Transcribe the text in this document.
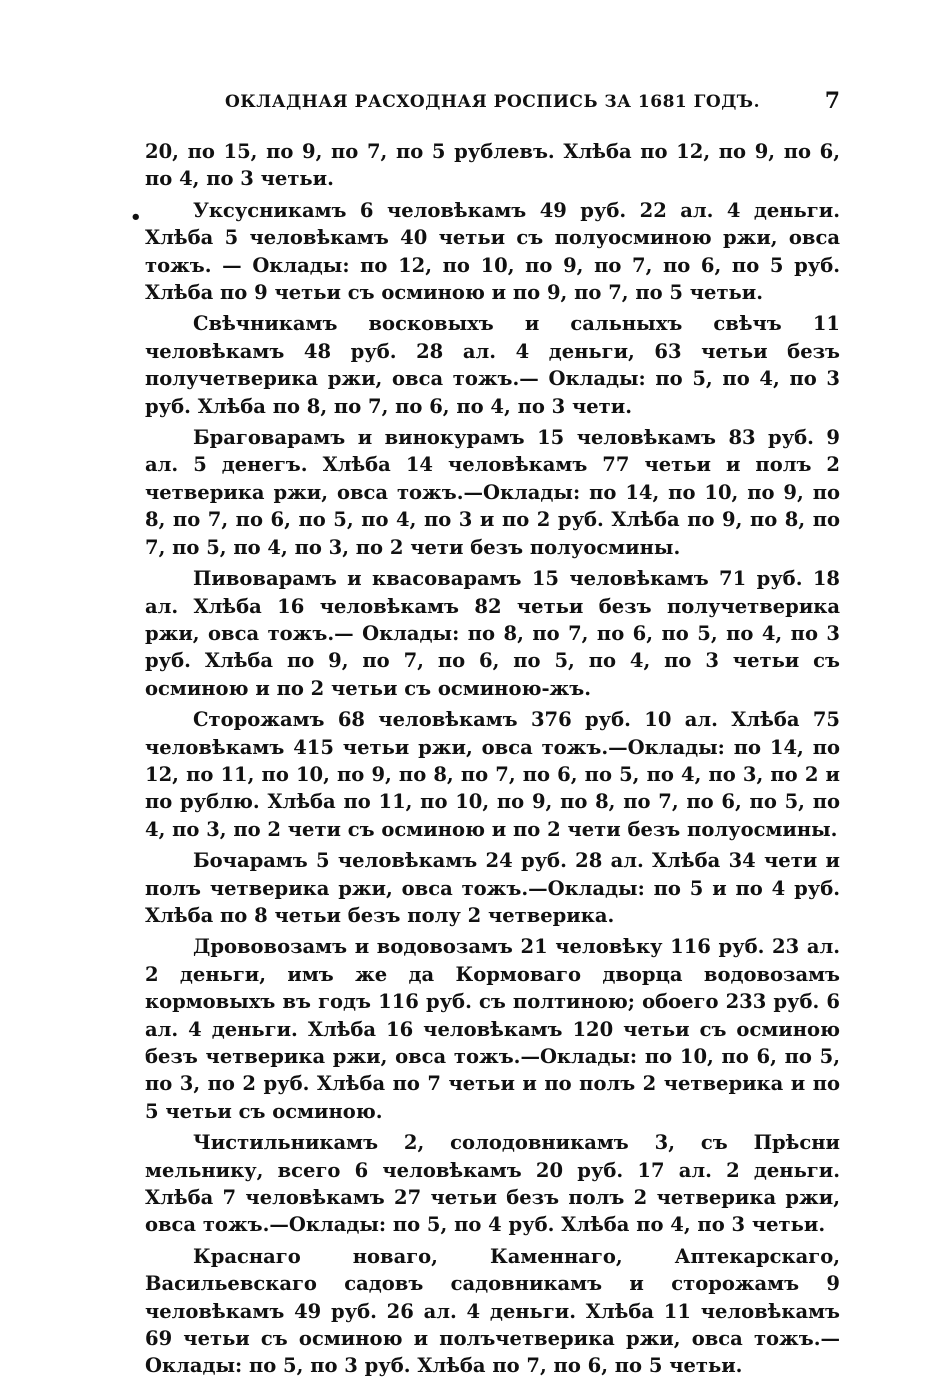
ОКЛАДНАЯ РАСХОДНАЯ РОСПИСЬ ЗА 1681 ГОДЪ.	7
•

20, по 15, по 9, по 7, по 5 рублевъ. Хлѣба по 12, по 9, по 6, по 4, по 3 четьи.

Уксусникамъ 6 человѣкамъ 49 руб. 22 ал. 4 деньги. Хлѣба 5 человѣкамъ 40 четьи съ полуосминою ржи, овса тожъ. — Оклады: по 12, по 10, по 9, по 7, по 6, по 5 руб. Хлѣба по 9 четьи съ осминою и по 9, по 7, по 5 четьи.

Свѣчникамъ восковыхъ и сальныхъ свѣчъ 11 человѣкамъ 48 руб. 28 ал. 4 деньги, 63 четьи безъ получетверика ржи, овса тожъ.— Оклады: по 5, по 4, по 3 руб. Хлѣба по 8, по 7, по 6, по 4, по 3 чети.

Браговарамъ и винокурамъ 15 человѣкамъ 83 руб. 9 ал. 5 денегъ. Хлѣба 14 человѣкамъ 77 четьи и полъ 2 четверика ржи, овса тожъ.—Оклады: по 14, по 10, по 9, по 8, по 7, по 6, по 5, по 4, по 3 и по 2 руб. Хлѣба по 9, по 8, по 7, по 5, по 4, по 3, по 2 чети безъ полуосмины.

Пивоварамъ и квасоварамъ 15 человѣкамъ 71 руб. 18 ал. Хлѣба 16 человѣкамъ 82 четьи безъ получетверика ржи, овса тожъ.— Оклады: по 8, по 7, по 6, по 5, по 4, по 3 руб. Хлѣба по 9, по 7, по 6, по 5, по 4, по 3 четьи съ осминою и по 2 четьи съ осминою-жъ.

Сторожамъ 68 человѣкамъ 376 руб. 10 ал. Хлѣба 75 человѣкамъ 415 четьи ржи, овса тожъ.—Оклады: по 14, по 12, по 11, по 10, по 9, по 8, по 7, по 6, по 5, по 4, по 3, по 2 и по рублю. Хлѣба по 11, по 10, по 9, по 8, по 7, по 6, по 5, по 4, по 3, по 2 чети съ осминою и по 2 чети безъ полуосмины.

Бочарамъ 5 человѣкамъ 24 руб. 28 ал. Хлѣба 34 чети и полъ четверика ржи, овса тожъ.—Оклады: по 5 и по 4 руб. Хлѣба по 8 четьи безъ полу 2 четверика.

Дрововозамъ и водовозамъ 21 человѣку 116 руб. 23 ал. 2 деньги, имъ же да Кормоваго дворца водовозамъ кормовыхъ въ годъ 116 руб. съ полтиною; обоего 233 руб. 6 ал. 4 деньги. Хлѣба 16 человѣкамъ 120 четьи съ осминою безъ четверика ржи, овса тожъ.—Оклады: по 10, по 6, по 5, по 3, по 2 руб. Хлѣба по 7 четьи и по полъ 2 четверика и по 5 четьи съ осминою.

Чистильникамъ 2, солодовникамъ 3, съ Прѣсни мельнику, всего 6 человѣкамъ 20 руб. 17 ал. 2 деньги. Хлѣба 7 человѣкамъ 27 четьи безъ полъ 2 четверика ржи, овса тожъ.—Оклады: по 5, по 4 руб. Хлѣба по 4, по 3 четьи.

Краснаго новаго, Каменнаго, Аптекарскаго, Васильевскаго садовъ садовникамъ и сторожамъ 9 человѣкамъ 49 руб. 26 ал. 4 деньги. Хлѣба 11 человѣкамъ 69 четьи съ осминою и полъчетверика ржи, овса тожъ.—Оклады: по 5, по 3 руб. Хлѣба по 7, по 6, по 5 четьи.
